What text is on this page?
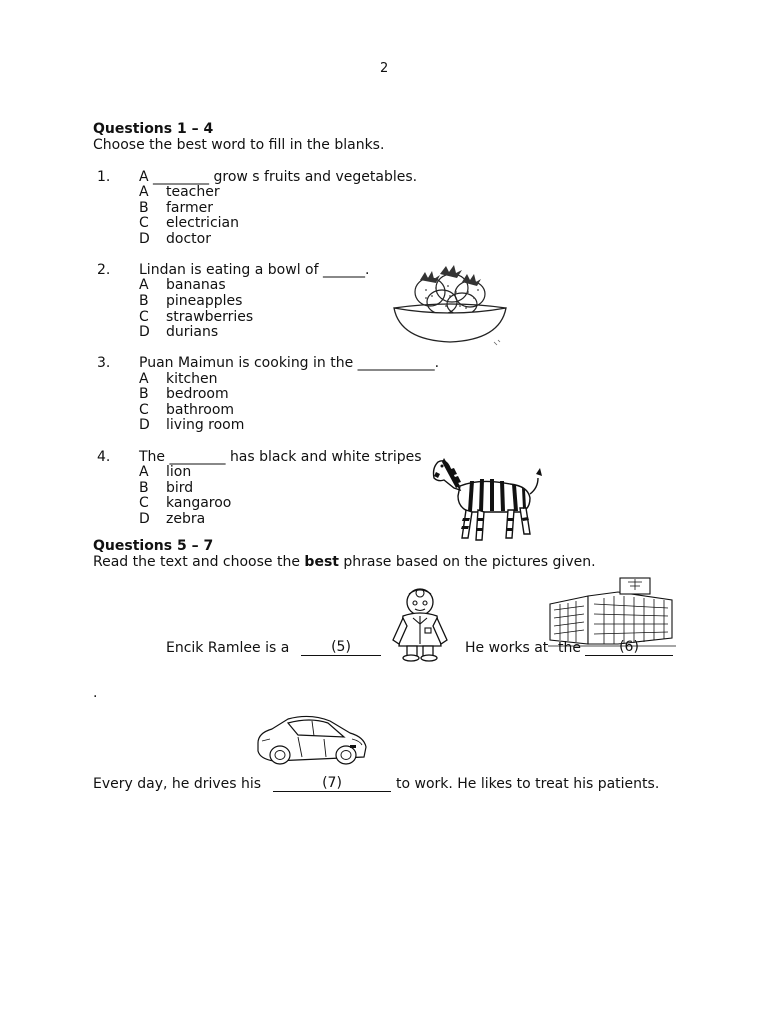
2
Questions 1 – 4
Choose the best word to fill in the blanks.
1. A ________ grow s fruits and vegetables.
A teacher
B farmer
C electrician
D doctor
2. Lindan is eating a bowl of ______.
A bananas
B pineapples
C strawberries
D durians
3. Puan Maimun is cooking in the ___________.
A kitchen
B bedroom
C bathroom
D living room
4. The ________ has black and white stripes
A lion
B bird
C kangaroo
D zebra
Questions 5 – 7
Read the text and choose the best phrase based on the pictures given.
Encik Ramlee is a	(5)	He works at the	(6)
.
Every day, he drives his	(7)	to work. He likes to treat his patients.
